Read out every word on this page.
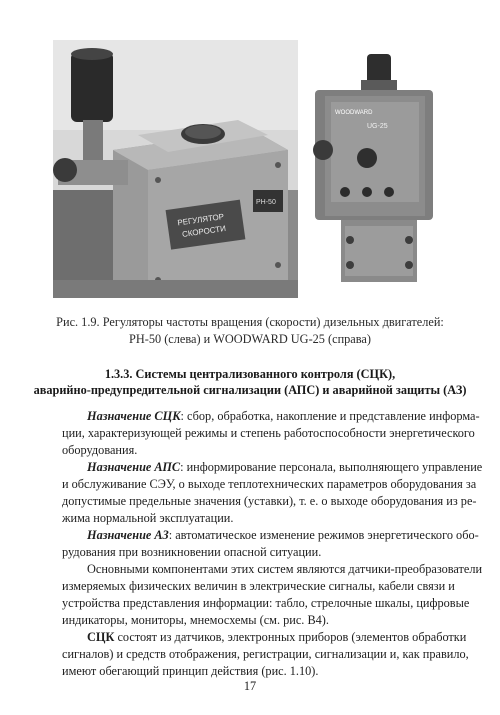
РЕГУЛЯТОР
СКОРОСТИ
РН-50
WOODWARD
UG-25
Рис. 1.9. Регуляторы частоты вращения (скорости) дизельных двигателей:
РН-50 (слева) и WOODWARD UG-25 (справа)
1.3.3. Системы централизованного контроля (СЦК),
аварийно-предупредительной сигнализации (АПС) и аварийной защиты (АЗ)
Назначение СЦК: сбор, обработка, накопление и представление информа-
ции, характеризующей режимы и степень работоспособности энергетического
оборудования.
Назначение АПС: информирование персонала, выполняющего управление
и обслуживание СЭУ, о выходе теплотехнических параметров оборудования за
допустимые предельные значения (уставки), т. е. о выходе оборудования из ре-
жима нормальной эксплуатации.
Назначение АЗ: автоматическое изменение режимов энергетического обо-
рудования при возникновении опасной ситуации.
Основными компонентами этих систем являются датчики-преобразователи
измеряемых физических величин в электрические сигналы, кабели связи и
устройства представления информации: табло, стрелочные шкалы, цифровые
индикаторы, мониторы, мнемосхемы (см. рис. В4).
СЦК состоят из датчиков, электронных приборов (элементов обработки
сигналов) и средств отображения, регистрации, сигнализации и, как правило,
имеют обегающий принцип действия (рис. 1.10).
17
